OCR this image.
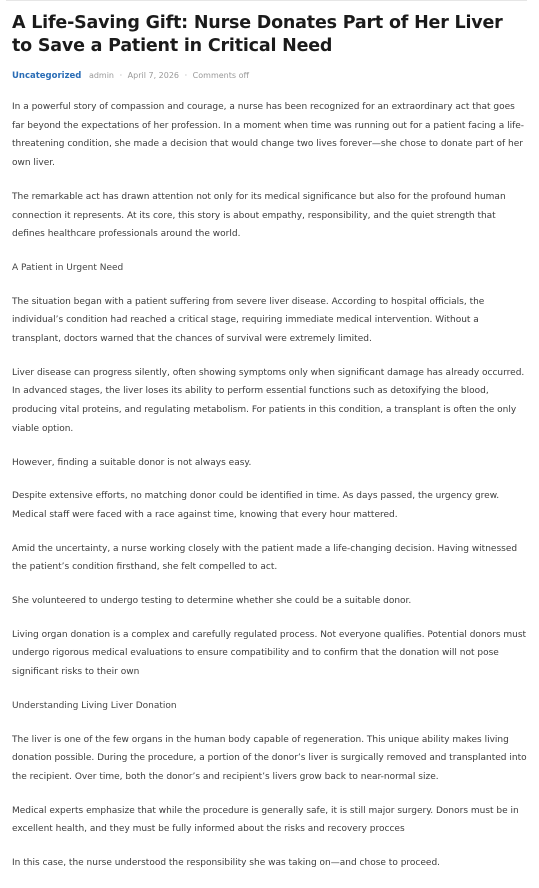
A Life-Saving Gift: Nurse Donates Part of Her Liver to Save a Patient in Critical Need
Uncategorized admin · April 7, 2026 · Comments off

In a powerful story of compassion and courage, a nurse has been recognized for an extraordinary act that goes far beyond the expectations of her profession. In a moment when time was running out for a patient facing a life-threatening condition, she made a decision that would change two lives forever—she chose to donate part of her own liver.

The remarkable act has drawn attention not only for its medical significance but also for the profound human connection it represents. At its core, this story is about empathy, responsibility, and the quiet strength that defines healthcare professionals around the world.

A Patient in Urgent Need

The situation began with a patient suffering from severe liver disease. According to hospital officials, the individual’s condition had reached a critical stage, requiring immediate medical intervention. Without a transplant, doctors warned that the chances of survival were extremely limited.

Liver disease can progress silently, often showing symptoms only when significant damage has already occurred. In advanced stages, the liver loses its ability to perform essential functions such as detoxifying the blood, producing vital proteins, and regulating metabolism. For patients in this condition, a transplant is often the only viable option.

However, finding a suitable donor is not always easy.

Despite extensive efforts, no matching donor could be identified in time. As days passed, the urgency grew. Medical staff were faced with a race against time, knowing that every hour mattered.

Amid the uncertainty, a nurse working closely with the patient made a life-changing decision. Having witnessed the patient’s condition firsthand, she felt compelled to act.

She volunteered to undergo testing to determine whether she could be a suitable donor.

Living organ donation is a complex and carefully regulated process. Not everyone qualifies. Potential donors must undergo rigorous medical evaluations to ensure compatibility and to confirm that the donation will not pose significant risks to their own

Understanding Living Liver Donation

The liver is one of the few organs in the human body capable of regeneration. This unique ability makes living donation possible. During the procedure, a portion of the donor’s liver is surgically removed and transplanted into the recipient. Over time, both the donor’s and recipient’s livers grow back to near-normal size.

Medical experts emphasize that while the procedure is generally safe, it is still major surgery. Donors must be in excellent health, and they must be fully informed about the risks and recovery procces

In this case, the nurse understood the responsibility she was taking on—and chose to proceed.
